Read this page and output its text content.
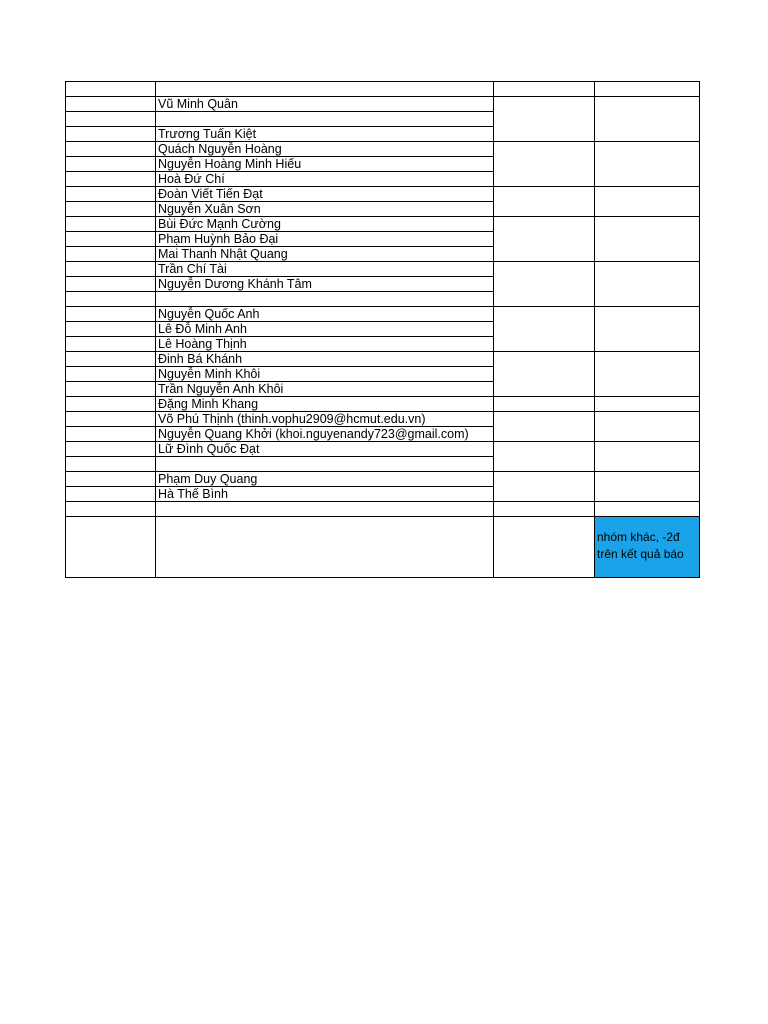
Vũ Minh Quân
Trương Tuấn Kiệt
Quách Nguyễn Hoàng
Nguyễn Hoàng Minh Hiếu
Hoà Đứ Chí
Đoàn Viết Tiến Đạt
Nguyễn Xuân Sơn
Bùi Đức Mạnh Cường
Phạm Huỳnh Bảo Đại
Mai Thanh Nhật Quang
Trần Chí Tài
Nguyễn Dương Khánh Tâm
Nguyễn Quốc Anh
Lê Đỗ Minh Anh
Lê Hoàng Thịnh
Đinh Bá Khánh
Nguyễn Minh Khôi
Trần Nguyễn Anh Khôi
Đặng Minh Khang
Võ Phú Thịnh (thinh.vophu2909@hcmut.edu.vn)
Nguyễn Quang Khởi (khoi.nguyenandy723@gmail.com)
Lữ Đình Quốc Đạt
Phạm Duy Quang
Hà Thế Bình
nhóm khác, -2đ trên kết quả báo
